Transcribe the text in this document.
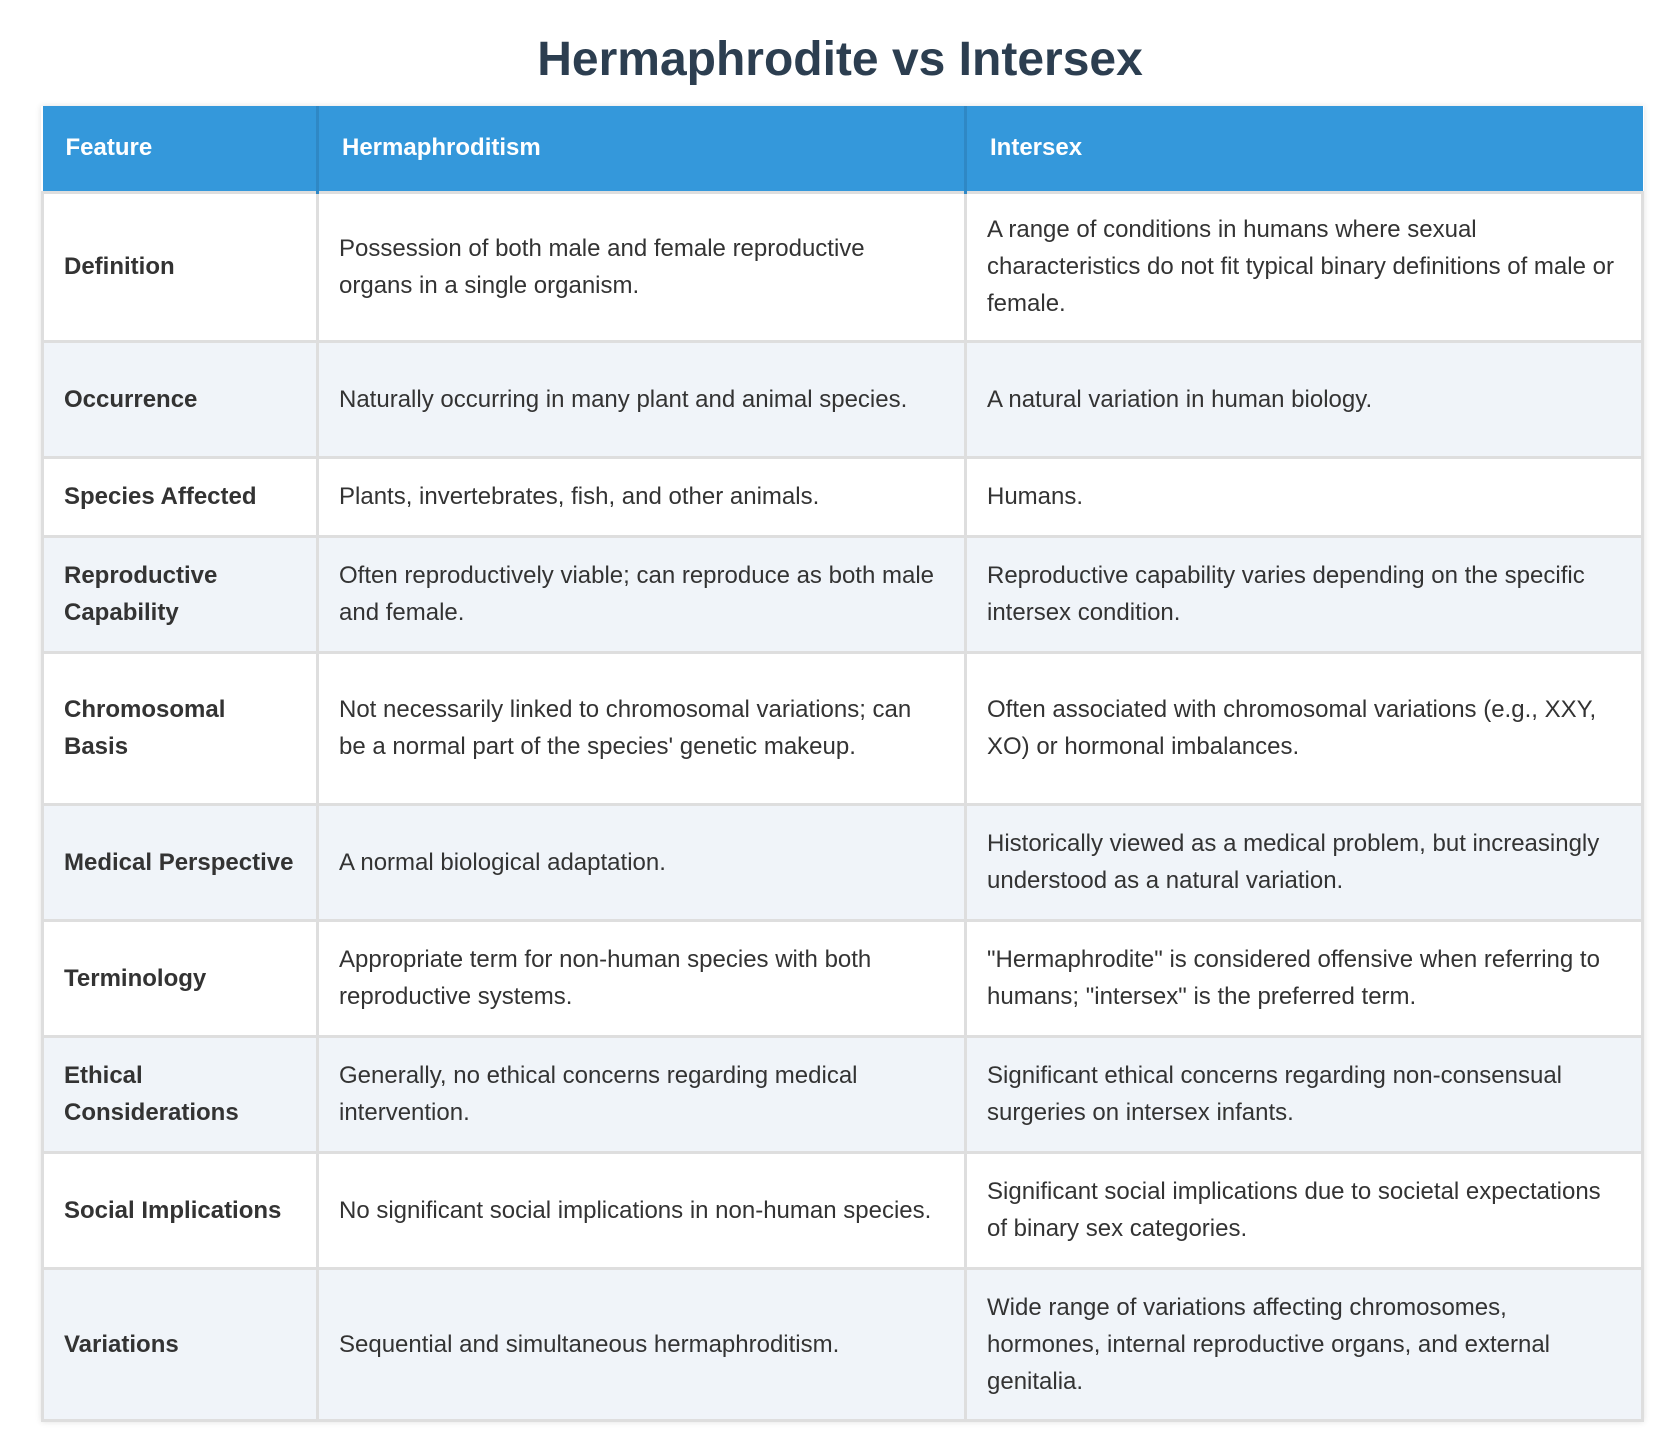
Hermaphrodite vs Intersex
Feature	Hermaphroditism	Intersex
Definition	Possession of both male and female reproductive organs in a single organism.	A range of conditions in humans where sexual characteristics do not fit typical binary definitions of male or female.
Occurrence	Naturally occurring in many plant and animal species.	A natural variation in human biology.
Species Affected	Plants, invertebrates, fish, and other animals.	Humans.
Reproductive Capability	Often reproductively viable; can reproduce as both male and female.	Reproductive capability varies depending on the specific intersex condition.
Chromosomal Basis	Not necessarily linked to chromosomal variations; can be a normal part of the species' genetic makeup.	Often associated with chromosomal variations (e.g., XXY, XO) or hormonal imbalances.
Medical Perspective	A normal biological adaptation.	Historically viewed as a medical problem, but increasingly understood as a natural variation.
Terminology	Appropriate term for non-human species with both reproductive systems.	"Hermaphrodite" is considered offensive when referring to humans; "intersex" is the preferred term.
Ethical Considerations	Generally, no ethical concerns regarding medical intervention.	Significant ethical concerns regarding non-consensual surgeries on intersex infants.
Social Implications	No significant social implications in non-human species.	Significant social implications due to societal expectations of binary sex categories.
Variations	Sequential and simultaneous hermaphroditism.	Wide range of variations affecting chromosomes, hormones, internal reproductive organs, and external genitalia.
